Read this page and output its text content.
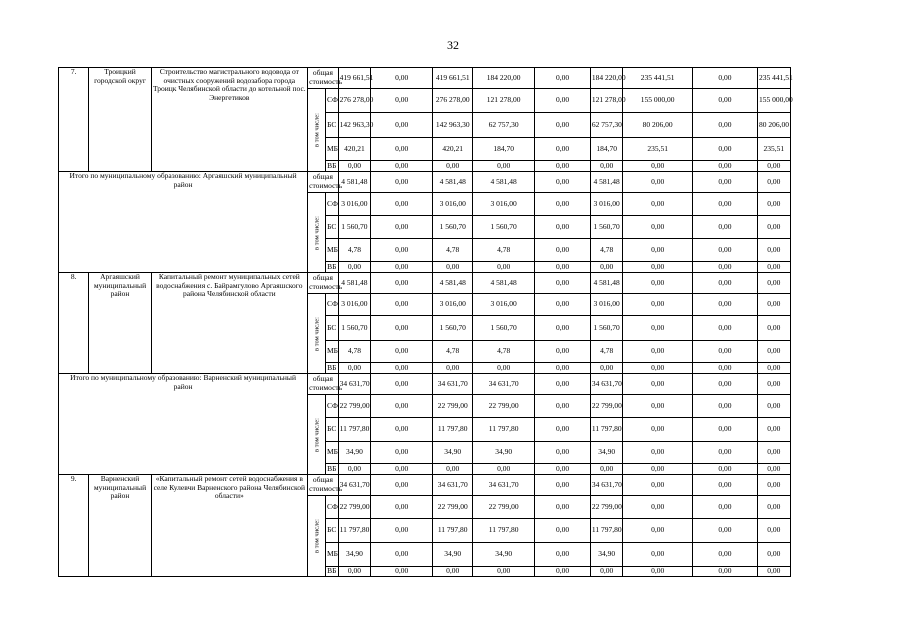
32
7.	Троицкий городской округ	Строительство магистрального водовода от очистных сооружений водозабора города Троицк Челябинской области до котельной пос. Энергетиков	общая стоимость		419 661,51	0,00	419 661,51	184 220,00	0,00	184 220,00	235 441,51	0,00	235 441,51

			в том числе:	СФ	276 278,00	0,00	276 278,00	121 278,00	0,00	121 278,00	155 000,00	0,00	155 000,00
				БС	142 963,30	0,00	142 963,30	62 757,30	0,00	62 757,30	80 206,00	0,00	80 206,00
				МБ	420,21	0,00	420,21	184,70	0,00	184,70	235,51	0,00	235,51
				ВБ	0,00	0,00	0,00	0,00	0,00	0,00	0,00	0,00	0,00
Итого по муниципальному образованию: Аргаяшский муниципальный район			общая стоимость		4 581,48	0,00	4 581,48	4 581,48	0,00	4 581,48	0,00	0,00	0,00

			в том числе:	СФ	3 016,00	0,00	3 016,00	3 016,00	0,00	3 016,00	0,00	0,00	0,00
				БС	1 560,70	0,00	1 560,70	1 560,70	0,00	1 560,70	0,00	0,00	0,00
				МБ	4,78	0,00	4,78	4,78	0,00	4,78	0,00	0,00	0,00
				ВБ	0,00	0,00	0,00	0,00	0,00	0,00	0,00	0,00	0,00
8.	Аргаяшский муниципальный район	Капитальный ремонт муниципальных сетей водоснабжения с. Байрамгулово Аргаяшского района Челябинской области	общая стоимость		4 581,48	0,00	4 581,48	4 581,48	0,00	4 581,48	0,00	0,00	0,00

			в том числе:	СФ	3 016,00	0,00	3 016,00	3 016,00	0,00	3 016,00	0,00	0,00	0,00
				БС	1 560,70	0,00	1 560,70	1 560,70	0,00	1 560,70	0,00	0,00	0,00
				МБ	4,78	0,00	4,78	4,78	0,00	4,78	0,00	0,00	0,00
				ВБ	0,00	0,00	0,00	0,00	0,00	0,00	0,00	0,00	0,00
Итого по муниципальному образованию: Варненский муниципальный район			общая стоимость		34 631,70	0,00	34 631,70	34 631,70	0,00	34 631,70	0,00	0,00	0,00

			в том числе:	СФ	22 799,00	0,00	22 799,00	22 799,00	0,00	22 799,00	0,00	0,00	0,00
				БС	11 797,80	0,00	11 797,80	11 797,80	0,00	11 797,80	0,00	0,00	0,00
				МБ	34,90	0,00	34,90	34,90	0,00	34,90	0,00	0,00	0,00
				ВБ	0,00	0,00	0,00	0,00	0,00	0,00	0,00	0,00	0,00
9.	Варненский муниципальный район	«Капитальный ремонт сетей водоснабжения в селе Кулевчи Варненского района Челябинской области»	общая стоимость		34 631,70	0,00	34 631,70	34 631,70	0,00	34 631,70	0,00	0,00	0,00

			в том числе:	СФ	22 799,00	0,00	22 799,00	22 799,00	0,00	22 799,00	0,00	0,00	0,00
				БС	11 797,80	0,00	11 797,80	11 797,80	0,00	11 797,80	0,00	0,00	0,00
				МБ	34,90	0,00	34,90	34,90	0,00	34,90	0,00	0,00	0,00
				ВБ	0,00	0,00	0,00	0,00	0,00	0,00	0,00	0,00	0,00
